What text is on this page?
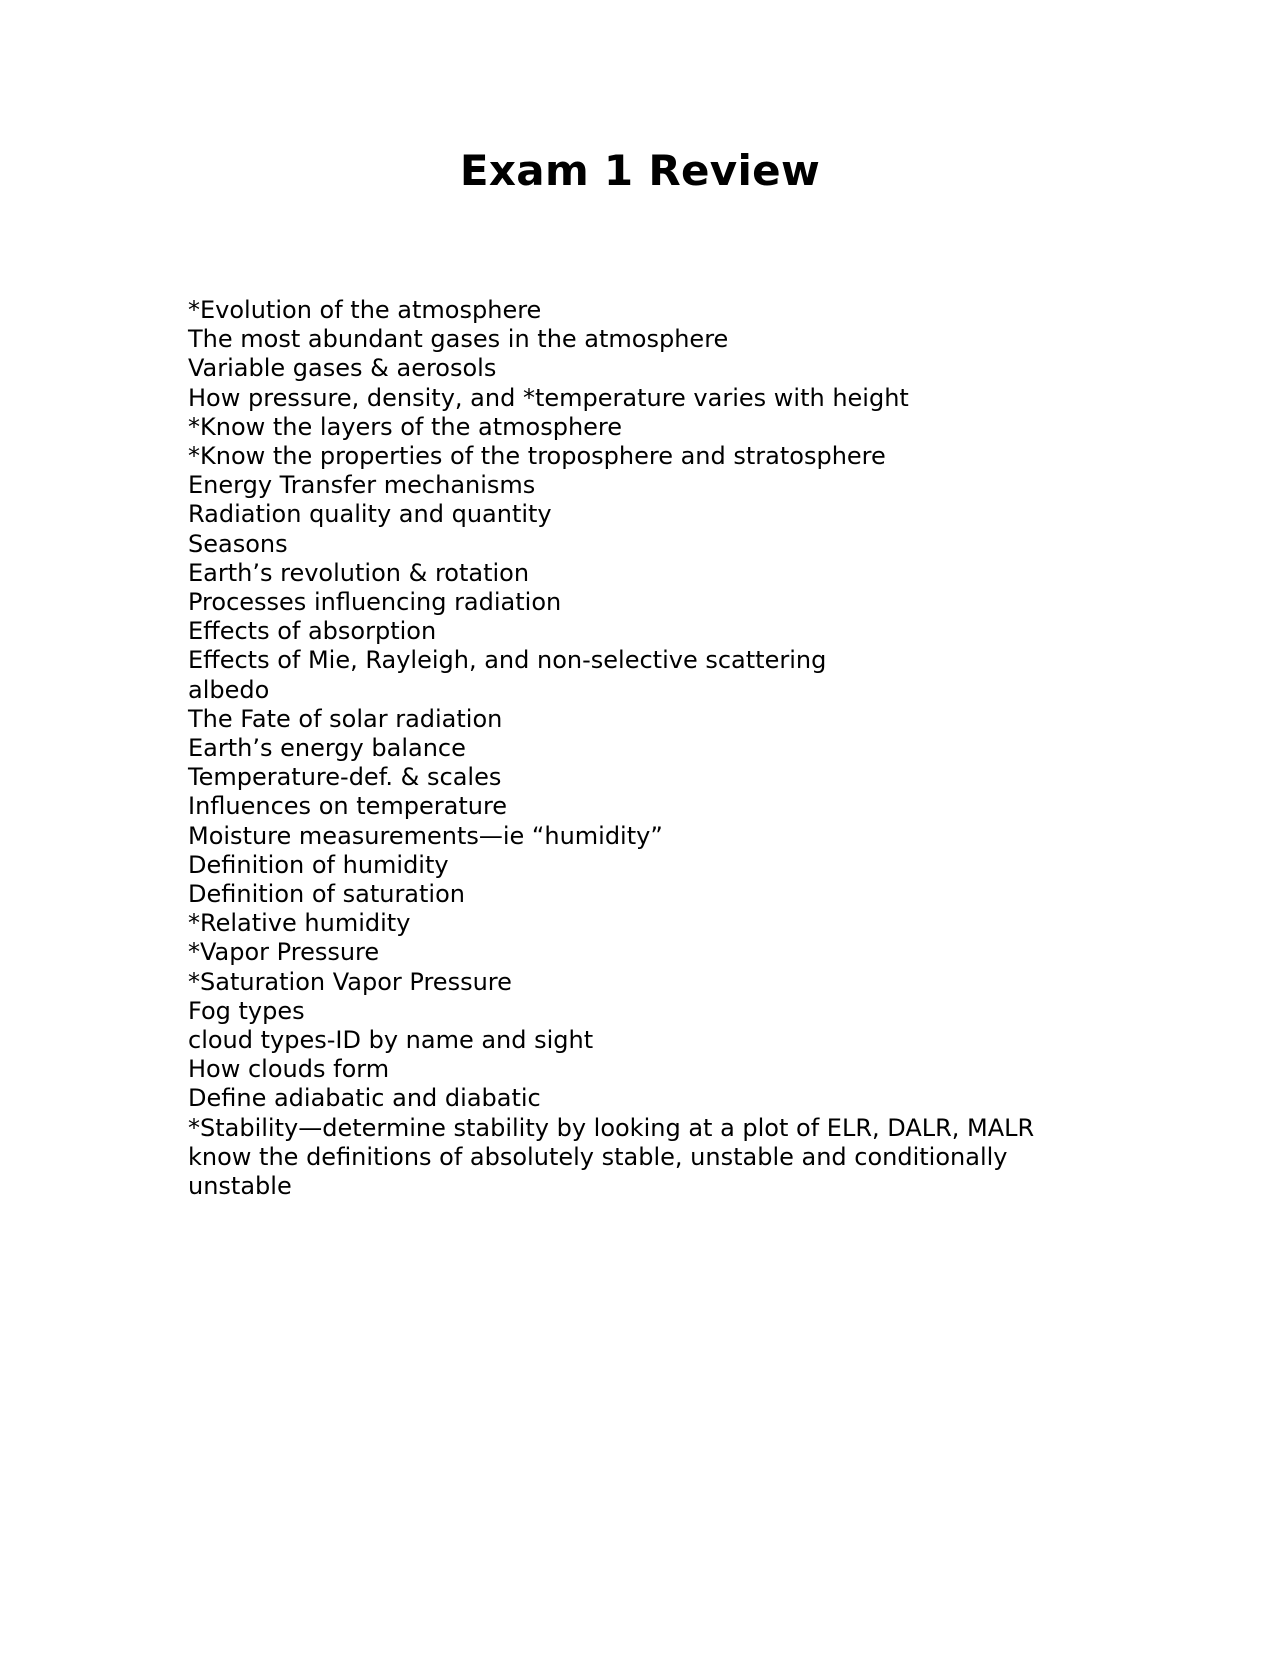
Exam 1 Review
*Evolution of the atmosphere
The most abundant gases in the atmosphere
Variable gases & aerosols
How pressure, density, and *temperature varies with height
*Know the layers of the atmosphere
*Know the properties of the troposphere and stratosphere
Energy Transfer mechanisms
Radiation quality and quantity
Seasons
Earth’s revolution & rotation
Processes influencing radiation
Effects of absorption
Effects of Mie, Rayleigh, and non-selective scattering
albedo
The Fate of solar radiation
Earth’s energy balance
Temperature-def. & scales
Influences on temperature
Moisture measurements—ie “humidity”
Definition of humidity
Definition of saturation
*Relative humidity
*Vapor Pressure
*Saturation Vapor Pressure
Fog types
cloud types-ID by name and sight
How clouds form
Define adiabatic and diabatic
*Stability—determine stability by looking at a plot of ELR, DALR, MALR
know the definitions of absolutely stable, unstable and conditionally unstable
